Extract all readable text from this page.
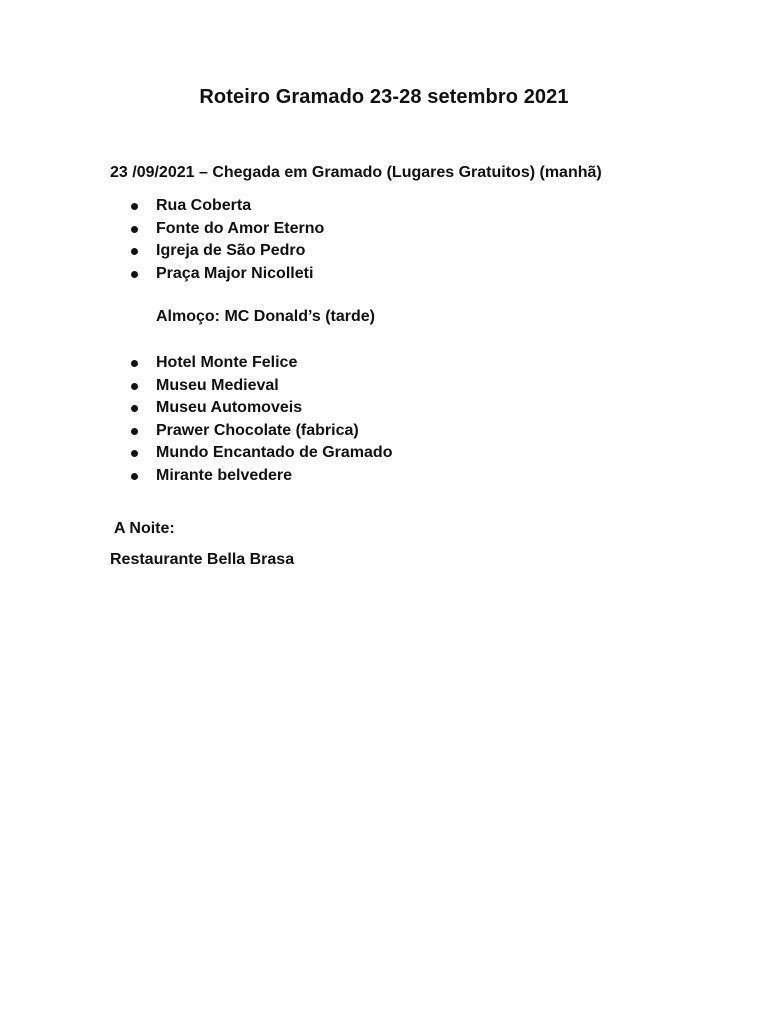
Roteiro Gramado 23-28 setembro 2021
23 /09/2021 – Chegada em Gramado (Lugares Gratuitos) (manhã)
Rua Coberta
Fonte do Amor Eterno
Igreja de São Pedro
Praça Major Nicolleti
Almoço: MC Donald’s (tarde)
Hotel Monte Felice
Museu Medieval
Museu Automoveis
Prawer Chocolate (fabrica)
Mundo Encantado de Gramado
Mirante belvedere
A Noite:
Restaurante Bella Brasa
